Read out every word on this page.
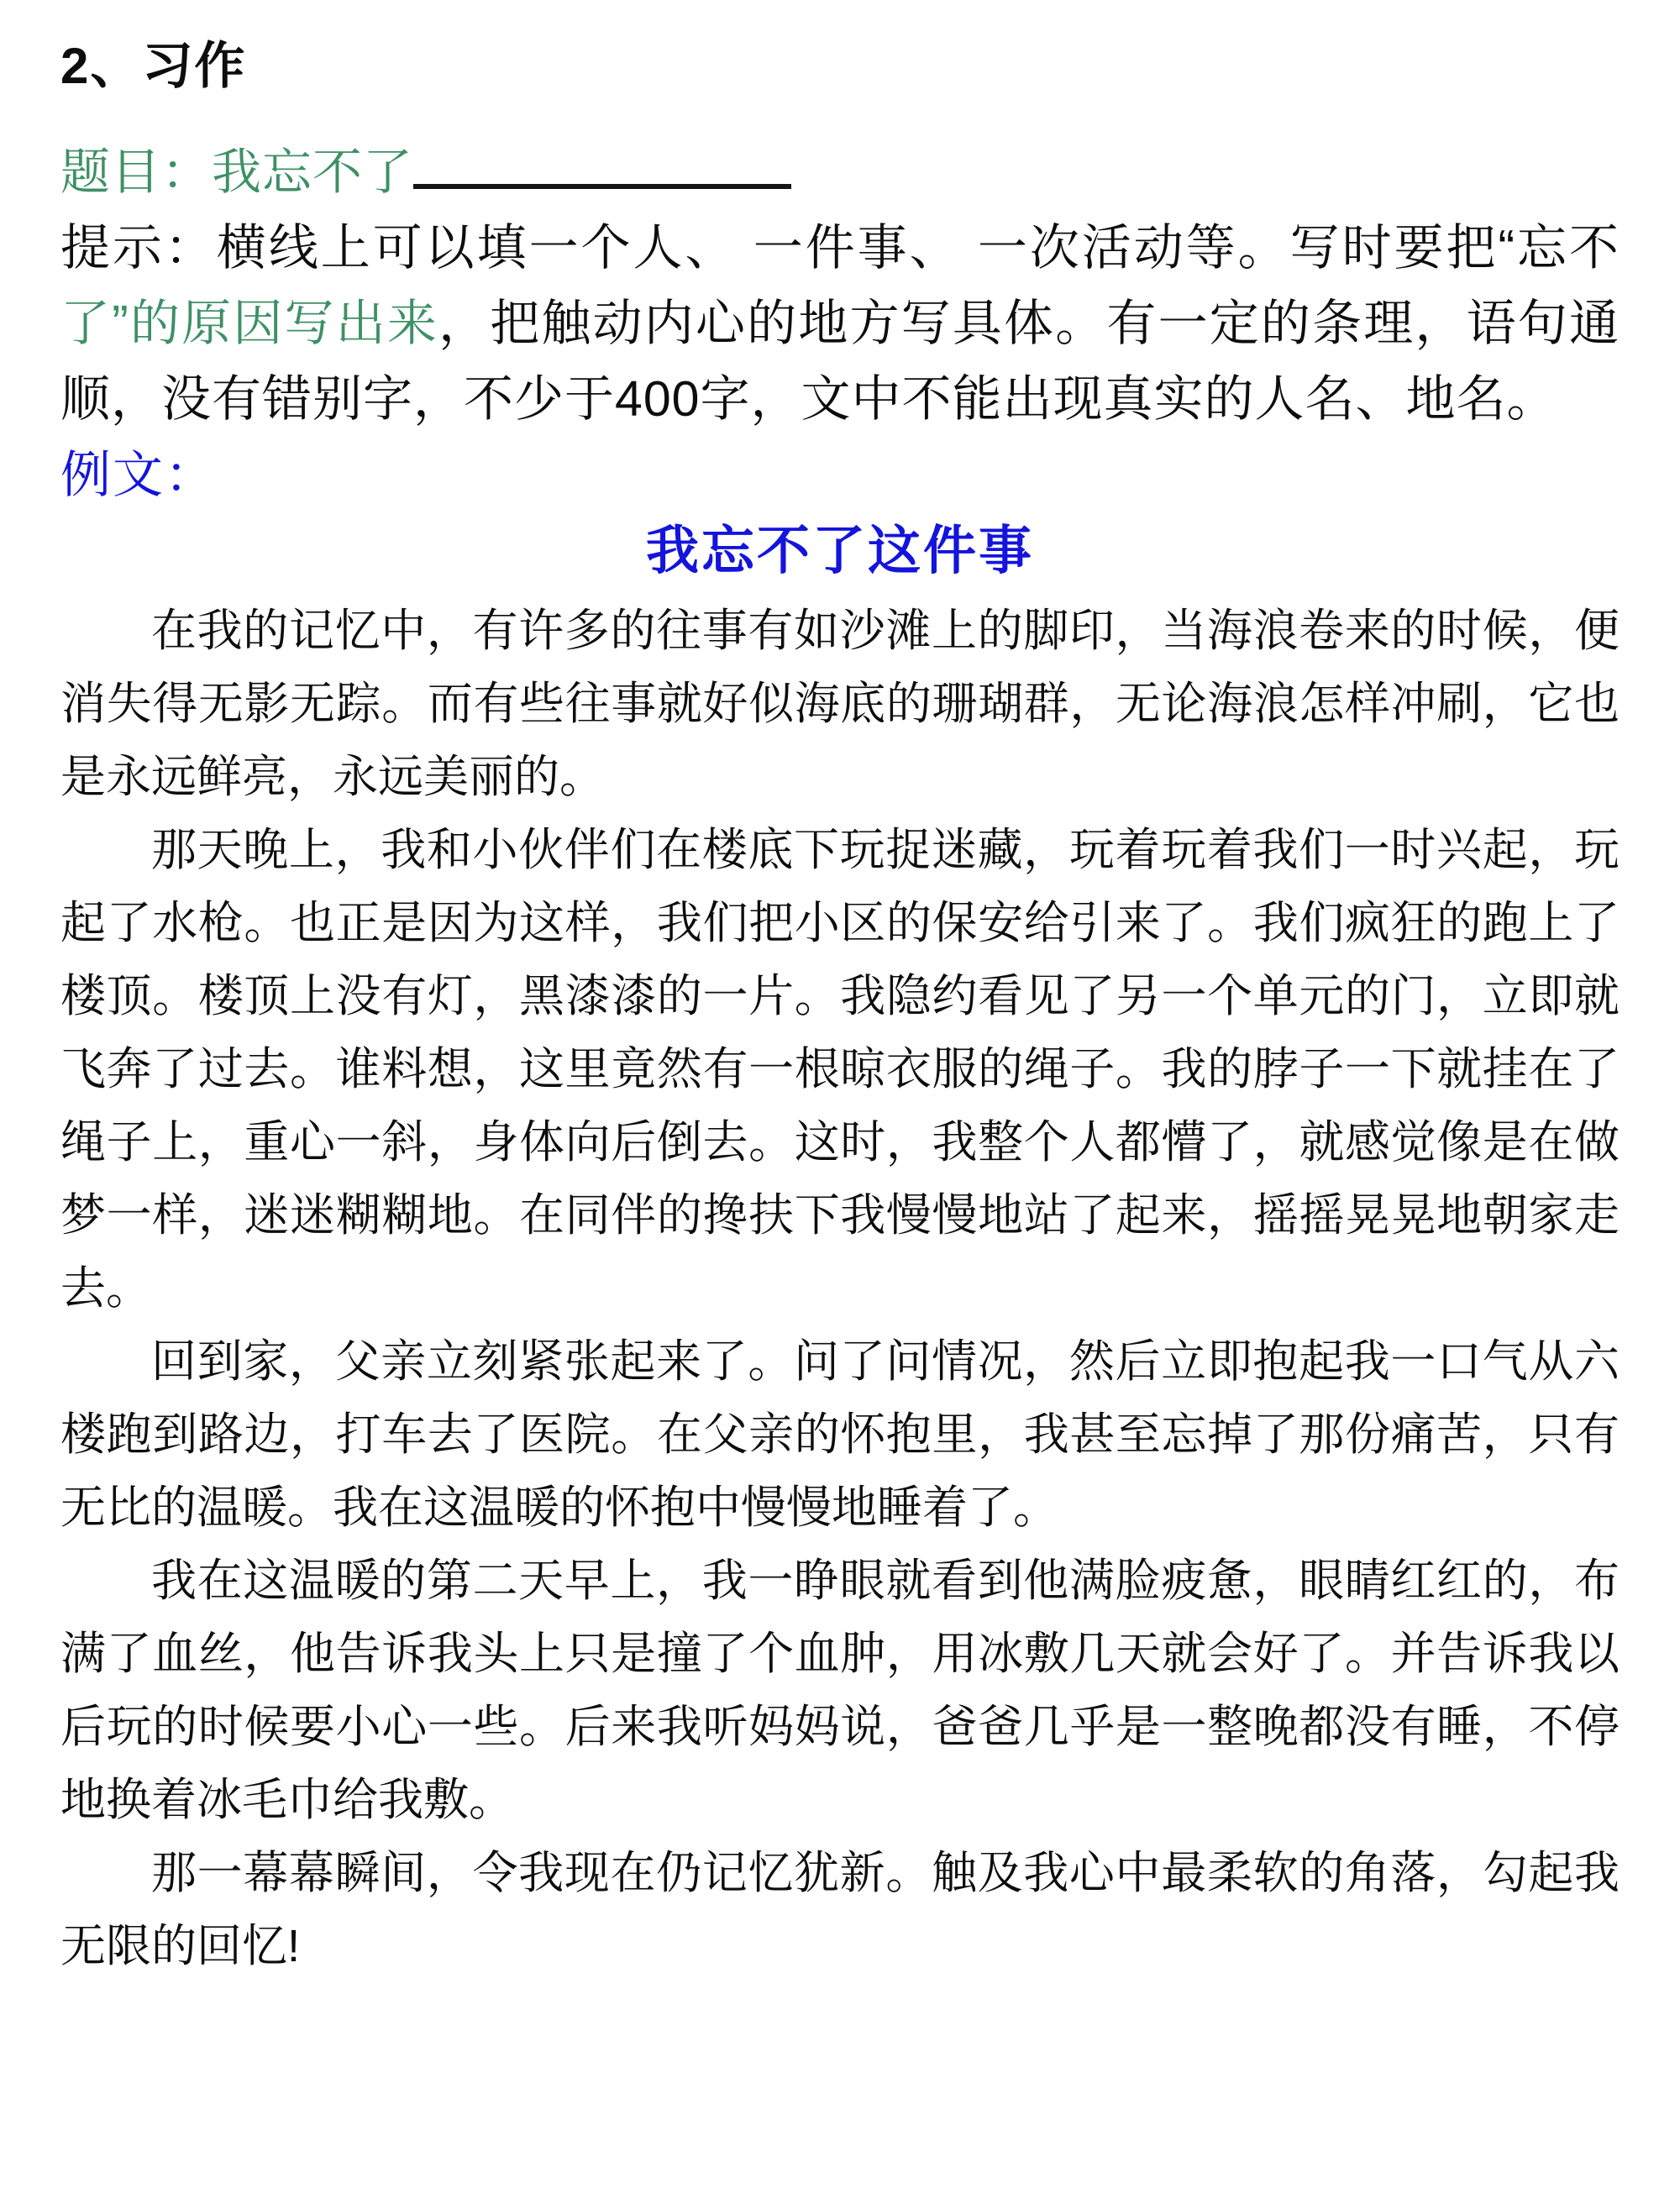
2、习作
题目：我忘不了

提示：横线上可以填一个人、 一件事、 一次活动等。写时要把“忘不了”的原因写出来，把触动内心的地方写具体。有一定的条理，语句通顺，没有错别字，不少于400字，文中不能出现真实的人名、地名。

例文：
我忘不了这件事

在我的记忆中，有许多的往事有如沙滩上的脚印，当海浪卷来的时候，便消失得无影无踪。而有些往事就好似海底的珊瑚群，无论海浪怎样冲刷，它也是永远鲜亮，永远美丽的。

那天晚上，我和小伙伴们在楼底下玩捉迷藏，玩着玩着我们一时兴起，玩起了水枪。也正是因为这样，我们把小区的保安给引来了。我们疯狂的跑上了楼顶。楼顶上没有灯，黑漆漆的一片。我隐约看见了另一个单元的门，立即就飞奔了过去。谁料想，这里竟然有一根晾衣服的绳子。我的脖子一下就挂在了绳子上，重心一斜，身体向后倒去。这时，我整个人都懵了，就感觉像是在做梦一样，迷迷糊糊地。在同伴的搀扶下我慢慢地站了起来，摇摇晃晃地朝家走去。

回到家，父亲立刻紧张起来了。问了问情况，然后立即抱起我一口气从六楼跑到路边，打车去了医院。在父亲的怀抱里，我甚至忘掉了那份痛苦，只有无比的温暖。我在这温暖的怀抱中慢慢地睡着了。

我在这温暖的第二天早上，我一睁眼就看到他满脸疲惫，眼睛红红的，布满了血丝，他告诉我头上只是撞了个血肿，用冰敷几天就会好了。并告诉我以后玩的时候要小心一些。后来我听妈妈说，爸爸几乎是一整晚都没有睡，不停地换着冰毛巾给我敷。

那一幕幕瞬间，令我现在仍记忆犹新。触及我心中最柔软的角落，勾起我无限的回忆!
